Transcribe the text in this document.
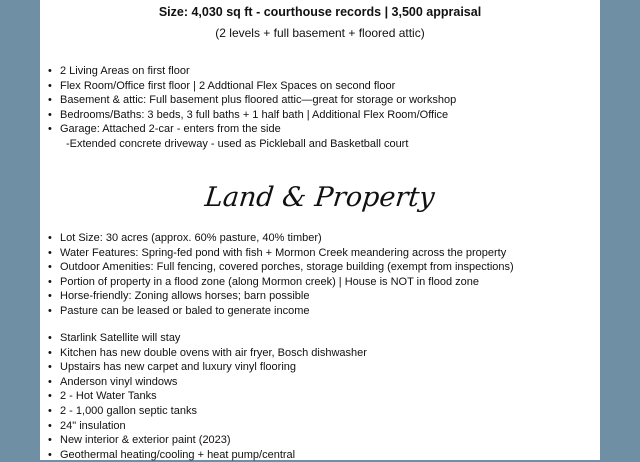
Size: 4,030 sq ft - courthouse records | 3,500 appraisal
(2 levels + full basement + floored attic)
• 2 Living Areas on first floor
• Flex Room/Office first floor | 2 Addtional Flex Spaces on second floor
• Basement & attic: Full basement plus floored attic—great for storage or workshop
• Bedrooms/Baths: 3 beds, 3 full baths + 1 half bath | Additional Flex Room/Office
• Garage: Attached 2-car - enters from the side
-Extended concrete driveway - used as Pickleball and Basketball court
Land & Property
• Lot Size: 30 acres (approx. 60% pasture, 40% timber)
• Water Features: Spring-fed pond with fish + Mormon Creek meandering across the property
• Outdoor Amenities: Full fencing, covered porches, storage building (exempt from inspections)
• Portion of property in a flood zone (along Mormon creek) | House is NOT in flood zone
• Horse-friendly: Zoning allows horses; barn possible
• Pasture can be leased or baled to generate income
• Starlink Satellite will stay
• Kitchen has new double ovens with air fryer, Bosch dishwasher
• Upstairs has new carpet and luxury vinyl flooring
• Anderson vinyl windows
• 2 - Hot Water Tanks
• 2 - 1,000 gallon septic tanks
• 24" insulation
• New interior & exterior paint (2023)
• Geothermal heating/cooling + heat pump/central
